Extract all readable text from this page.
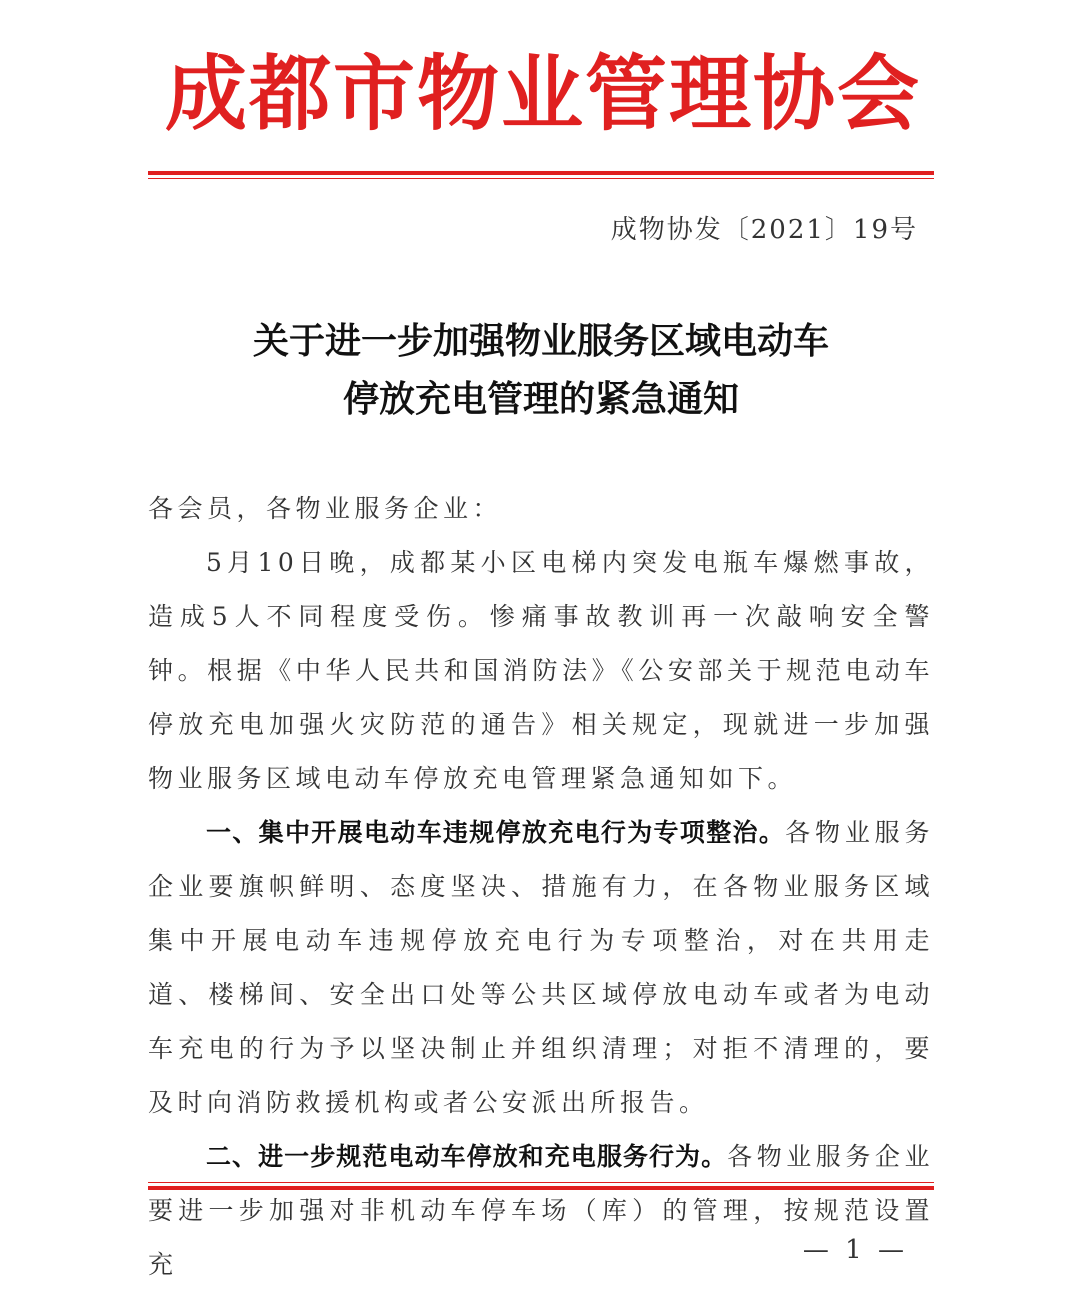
成都市物业管理协会
成物协发〔2021〕19号
关于进一步加强物业服务区域电动车
停放充电管理的紧急通知

各会员，各物业服务企业：

5月10日晚，成都某小区电梯内突发电瓶车爆燃事故，造成5人不同程度受伤。惨痛事故教训再一次敲响安全警钟。根据《中华人民共和国消防法》《公安部关于规范电动车停放充电加强火灾防范的通告》相关规定，现就进一步加强物业服务区域电动车停放充电管理紧急通知如下。

一、集中开展电动车违规停放充电行为专项整治。各物业服务企业要旗帜鲜明、态度坚决、措施有力，在各物业服务区域集中开展电动车违规停放充电行为专项整治，对在共用走道、楼梯间、安全出口处等公共区域停放电动车或者为电动车充电的行为予以坚决制止并组织清理；对拒不清理的，要及时向消防救援机构或者公安派出所报告。

二、进一步规范电动车停放和充电服务行为。各物业服务企业要进一步加强对非机动车停车场（库）的管理，按规范设置充	— 1 —
